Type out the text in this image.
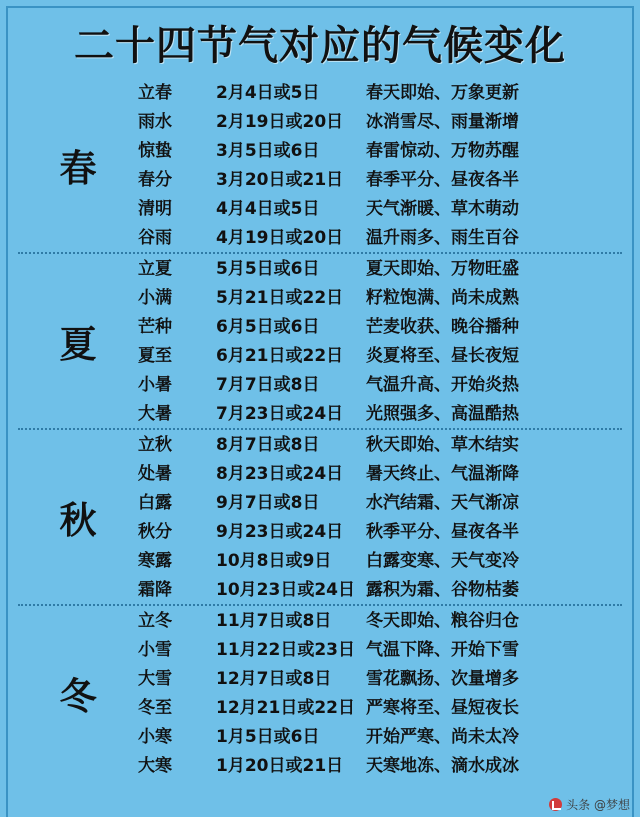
二十四节气对应的气候变化
春
立春	2月4日或5日	春天即始、万象更新
雨水	2月19日或20日	冰消雪尽、雨量渐增
惊蛰	3月5日或6日	春雷惊动、万物苏醒
春分	3月20日或21日	春季平分、昼夜各半
清明	4月4日或5日	天气渐暖、草木萌动
谷雨	4月19日或20日	温升雨多、雨生百谷
夏
立夏	5月5日或6日	夏天即始、万物旺盛
小满	5月21日或22日	籽粒饱满、尚未成熟
芒种	6月5日或6日	芒麦收获、晚谷播种
夏至	6月21日或22日	炎夏将至、昼长夜短
小暑	7月7日或8日	气温升高、开始炎热
大暑	7月23日或24日	光照强多、高温酷热
秋
立秋	8月7日或8日	秋天即始、草木结实
处暑	8月23日或24日	暑天终止、气温渐降
白露	9月7日或8日	水汽结霜、天气渐凉
秋分	9月23日或24日	秋季平分、昼夜各半
寒露	10月8日或9日	白露变寒、天气变冷
霜降	10月23日或24日 露积为霜、谷物枯萎
冬
立冬	11月7日或8日	冬天即始、粮谷归仓
小雪	11月22日或23日 气温下降、开始下雪
大雪	12月7日或8日	雪花飘扬、次量增多
冬至	12月21日或22日 严寒将至、昼短夜长
小寒	1月5日或6日	开始严寒、尚未太冷
大寒	1月20日或21日	天寒地冻、滴水成冰
头条 @梦想
